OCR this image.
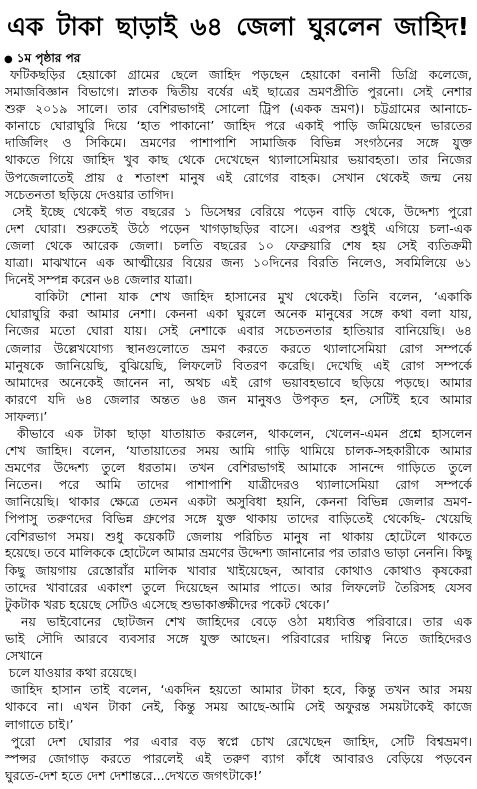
এক টাকা ছাড়াই ৬৪ জেলা ঘুরলেন জাহিদ!
● ১ম পৃষ্ঠার পর
ফটিকছড়ির হেয়াকো গ্রামের ছেলে জাহিদ পড়ছেন হেয়াকো বনানী ডিগ্রি কলেজে,
সমাজবিজ্ঞান বিভাগে। স্নাতক দ্বিতীয় বর্ষের এই ছাত্রের ভ্রমণপ্রীতি পুরনো। সেই নেশার
শুরু ২০১৯ সালে। তার বেশিরভাগই সোলো ট্রিপ (একক ভ্রমণ)। চট্টগ্রামের আনাচে-
কানাচে ঘোরাঘুরি দিয়ে ‘হাত পাকানো’ জাহিদ পরে একাই পাড়ি জমিয়েছেন ভারতের
দার্জিলিং ও সিকিমে। ভ্রমণের পাশাপাশি সামাজিক বিভিন্ন সংগঠনের সঙ্গে যুক্ত
থাকতে গিয়ে জাহিদ খুব কাছ থেকে দেখেছেন থ্যালাসেমিয়ার ভয়াবহতা। তার নিজের
উপজেলাতেই প্রায় ৫ শতাংশ মানুষ এই রোগের বাহক। সেখান থেকেই জন্ম নেয়
সচেতনতা ছড়িয়ে দেওয়ার তাগিদ।
সেই ইচ্ছে থেকেই গত বছরের ১ ডিসেম্বর বেরিয়ে পড়েন বাড়ি থেকে, উদ্দেশ্য পুরো
দেশ ঘোরা। শুরুতেই উঠে পড়েন খাগড়াছড়ির বাসে। এরপর শুধুই এগিয়ে চলা-এক
জেলা থেকে আরেক জেলা। চলতি বছরের ১০ ফেব্রুয়ারি শেষ হয় সেই ব্যতিক্রমী
যাত্রা। মাঝখানে এক আত্মীয়ের বিয়ের জন্য ১০দিনের বিরতি নিলেও, সবমিলিয়ে ৬১
দিনেই সম্পন্ন করেন ৬৪ জেলার যাত্রা।
বাকিটা শোনা যাক শেখ জাহিদ হাসানের মুখ থেকেই। তিনি বলেন, ‘একাকি
ঘোরাঘুরি করা আমার নেশা। কেননা একা ঘুরলে অনেক মানুষের সঙ্গে কথা বলা যায়,
নিজের মতো ঘোরা যায়। সেই নেশাকে এবার সচেতনতার হাতিয়ার বানিয়েছি। ৬৪
জেলার উল্লেখযোগ্য স্থানগুলোতে ভ্রমণ করতে করতে থ্যালাসেমিয়া রোগ সম্পর্কে
মানুষকে জানিয়েছি, বুঝিয়েছি, লিফলেট বিতরণ করেছি। দেখেছি এই রোগ সম্পর্কে
আমাদের অনেকেই জানেন না, অথচ এই রোগ ভয়াবহভাবে ছড়িয়ে পড়ছে। আমার
কারণে যদি ৬৪ জেলার অন্তত ৬৪ জন মানুষও উপকৃত হন, সেটিই হবে আমার
সাফল্য।’
কীভাবে এক টাকা ছাড়া যাতায়াত করলেন, থাকলেন, খেলেন-এমন প্রশ্নে হাসলেন
শেখ জাহিদ। বলেন, ‘যাতায়াতের সময় আমি গাড়ি থামিয়ে চালক-সহকারীকে আমার
ভ্রমণের উদ্দেশ্য তুলে ধরতাম। তখন বেশিরভাগই আমাকে সানন্দে গাড়িতে তুলে
নিতেন। পরে আমি তাদের পাশাপাশি যাত্রীদেরও থ্যালাসেমিয়া রোগ সম্পর্কে
জানিয়েছি। থাকার ক্ষেত্রে তেমন একটা অসুবিধা হয়নি, কেননা বিভিন্ন জেলার ভ্রমণ-
পিপাসু তরুণদের বিভিন্ন গ্রুপের সঙ্গে যুক্ত থাকায় তাদের বাড়িতেই থেকেছি- খেয়েছি
বেশিরভাগ সময়। শুধু কয়েকটি জেলায় পরিচিত মানুষ না থাকায় হোটেলে থাকতে
হয়েছে। তবে মালিককে হোটেলে আমার ভ্রমণের উদ্দেশ্য জানানোর পর তারাও ভাড়া নেননি। কিছু
কিছু জায়গায় রেস্তোরাঁর মালিক খাবার খাইয়েছেন, আবার কোথাও কোথাও কৃষকেরা
তাদের খাবারের একাংশ তুলে দিয়েছেন আমার পাতে। আর লিফলেট তৈরিসহ যেসব
টুকটাক খরচ হয়েছে সেটিও এসেছে শুভাকাঙ্ক্ষীদের পকেট থেকে।’
নয় ভাইবোনের ছোটজন শেখ জাহিদের বেড়ে ওঠা মধ্যবিত্ত পরিবারে। তার এক
ভাই সৌদি আরবে ব্যবসার সঙ্গে যুক্ত আছেন। পরিবারের দায়িত্ব নিতে জাহিদেরও
সেখানে
চলে যাওয়ার কথা রয়েছে।
জাহিদ হাসান তাই বলেন, ‘একদিন হয়তো আমার টাকা হবে, কিন্তু তখন আর সময়
থাকবে না। এখন টাকা নেই, কিন্তু সময় আছে-আমি সেই অফুরন্ত সময়টাকেই কাজে
লাগাতে চাই।’
পুরো দেশ ঘোরার পর এবার বড় স্বপ্নে চোখ রেখেছেন জাহিদ, সেটি বিশ্বভ্রমণ।
স্পন্সর জোগাড় করতে পারলেই এই তরুণ ব্যাগ কাঁধে আবারও বেড়িয়ে পড়বেন
ঘুরতে-দেশ হতে দেশ দেশান্তরে...দেখতে জগৎটাকে!’
